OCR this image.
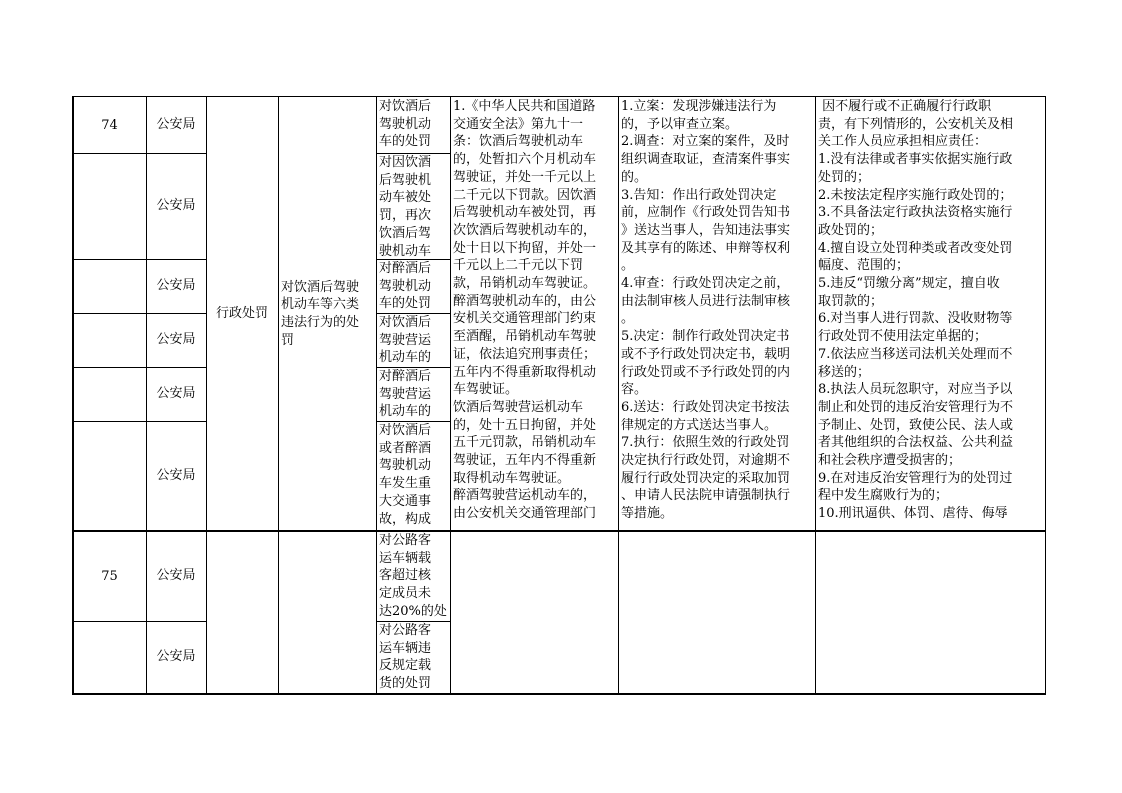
74
75
公安局
公安局
公安局
公安局
公安局
公安局
公安局
公安局
行政处罚
对饮酒后驾驶
机动车等六类
违法行为的处
罚
对饮酒后
驾驶机动
车的处罚
对因饮酒
后驾驶机
动车被处
罚，再次
饮酒后驾
驶机动车
对醉酒后
驾驶机动
车的处罚
对饮酒后
驾驶营运
机动车的
对醉酒后
驾驶营运
机动车的
对饮酒后
或者醉酒
驾驶机动
车发生重
大交通事
故，构成
对公路客
运车辆载
客超过核
定成员未
达20%的处
对公路客
运车辆违
反规定载
货的处罚
1.《中华人民共和国道路
交通安全法》第九十一
条：饮酒后驾驶机动车
的，处暂扣六个月机动车
驾驶证，并处一千元以上
二千元以下罚款。因饮酒
后驾驶机动车被处罚，再
次饮酒后驾驶机动车的，
处十日以下拘留，并处一
千元以上二千元以下罚
款，吊销机动车驾驶证。
醉酒驾驶机动车的，由公
安机关交通管理部门约束
至酒醒，吊销机动车驾驶
证，依法追究刑事责任；
五年内不得重新取得机动
车驾驶证。
饮酒后驾驶营运机动车
的，处十五日拘留，并处
五千元罚款，吊销机动车
驾驶证，五年内不得重新
取得机动车驾驶证。
醉酒驾驶营运机动车的，
由公安机关交通管理部门
1.立案：发现涉嫌违法行为
的，予以审查立案。
2.调查：对立案的案件，及时
组织调查取证，查清案件事实
的。
3.告知：作出行政处罚决定
前，应制作《行政处罚告知书
》送达当事人，告知违法事实
及其享有的陈述、申辩等权利
。
4.审查：行政处罚决定之前，
由法制审核人员进行法制审核
。
5.决定：制作行政处罚决定书
或不予行政处罚决定书，载明
行政处罚或不予行政处罚的内
容。
6.送达：行政处罚决定书按法
律规定的方式送达当事人。
7.执行：依照生效的行政处罚
决定执行行政处罚，对逾期不
履行行政处罚决定的采取加罚
、申请人民法院申请强制执行
等措施。
因不履行或不正确履行行政职
责，有下列情形的，公安机关及相
关工作人员应承担相应责任：
1.没有法律或者事实依据实施行政
处罚的；
2.未按法定程序实施行政处罚的；
3.不具备法定行政执法资格实施行
政处罚的；
4.擅自设立处罚种类或者改变处罚
幅度、范围的；
5.违反“罚缴分离”规定，擅自收
取罚款的；
6.对当事人进行罚款、没收财物等
行政处罚不使用法定单据的；
7.依法应当移送司法机关处理而不
移送的；
8.执法人员玩忽职守，对应当予以
制止和处罚的违反治安管理行为不
予制止、处罚，致使公民、法人或
者其他组织的合法权益、公共利益
和社会秩序遭受损害的；
9.在对违反治安管理行为的处罚过
程中发生腐败行为的；
10.刑讯逼供、体罚、虐待、侮辱
